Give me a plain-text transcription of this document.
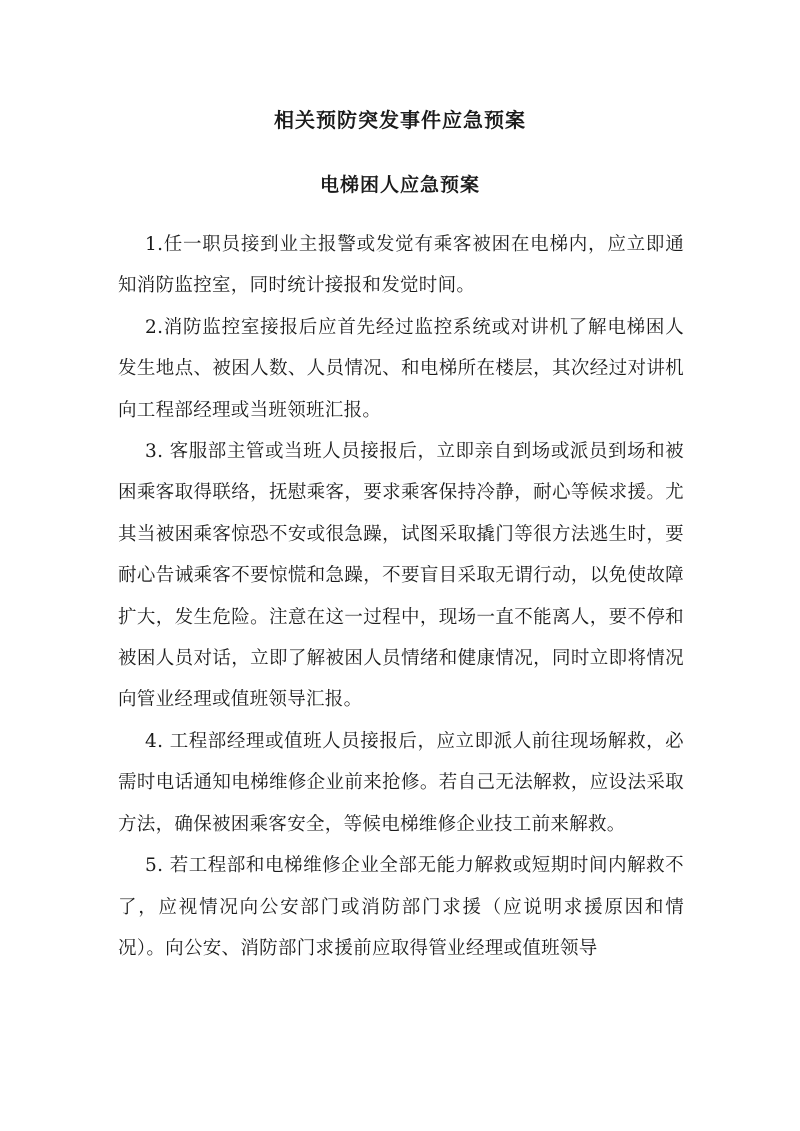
相关预防突发事件应急预案
电梯困人应急预案

1.任一职员接到业主报警或发觉有乘客被困在电梯内，应立即通知消防监控室，同时统计接报和发觉时间。

2.消防监控室接报后应首先经过监控系统或对讲机了解电梯困人发生地点、被困人数、人员情况、和电梯所在楼层，其次经过对讲机向工程部经理或当班领班汇报。

3. 客服部主管或当班人员接报后，立即亲自到场或派员到场和被困乘客取得联络，抚慰乘客，要求乘客保持冷静，耐心等候求援。尤其当被困乘客惊恐不安或很急躁，试图采取撬门等很方法逃生时，要耐心告诫乘客不要惊慌和急躁，不要盲目采取无谓行动，以免使故障扩大，发生危险。注意在这一过程中，现场一直不能离人，要不停和被困人员对话，立即了解被困人员情绪和健康情况，同时立即将情况向管业经理或值班领导汇报。

4. 工程部经理或值班人员接报后，应立即派人前往现场解救，必需时电话通知电梯维修企业前来抢修。若自己无法解救，应设法采取方法，确保被困乘客安全，等候电梯维修企业技工前来解救。

5. 若工程部和电梯维修企业全部无能力解救或短期时间内解救不了，应视情况向公安部门或消防部门求援（应说明求援原因和情况）。向公安、消防部门求援前应取得管业经理或值班领导
